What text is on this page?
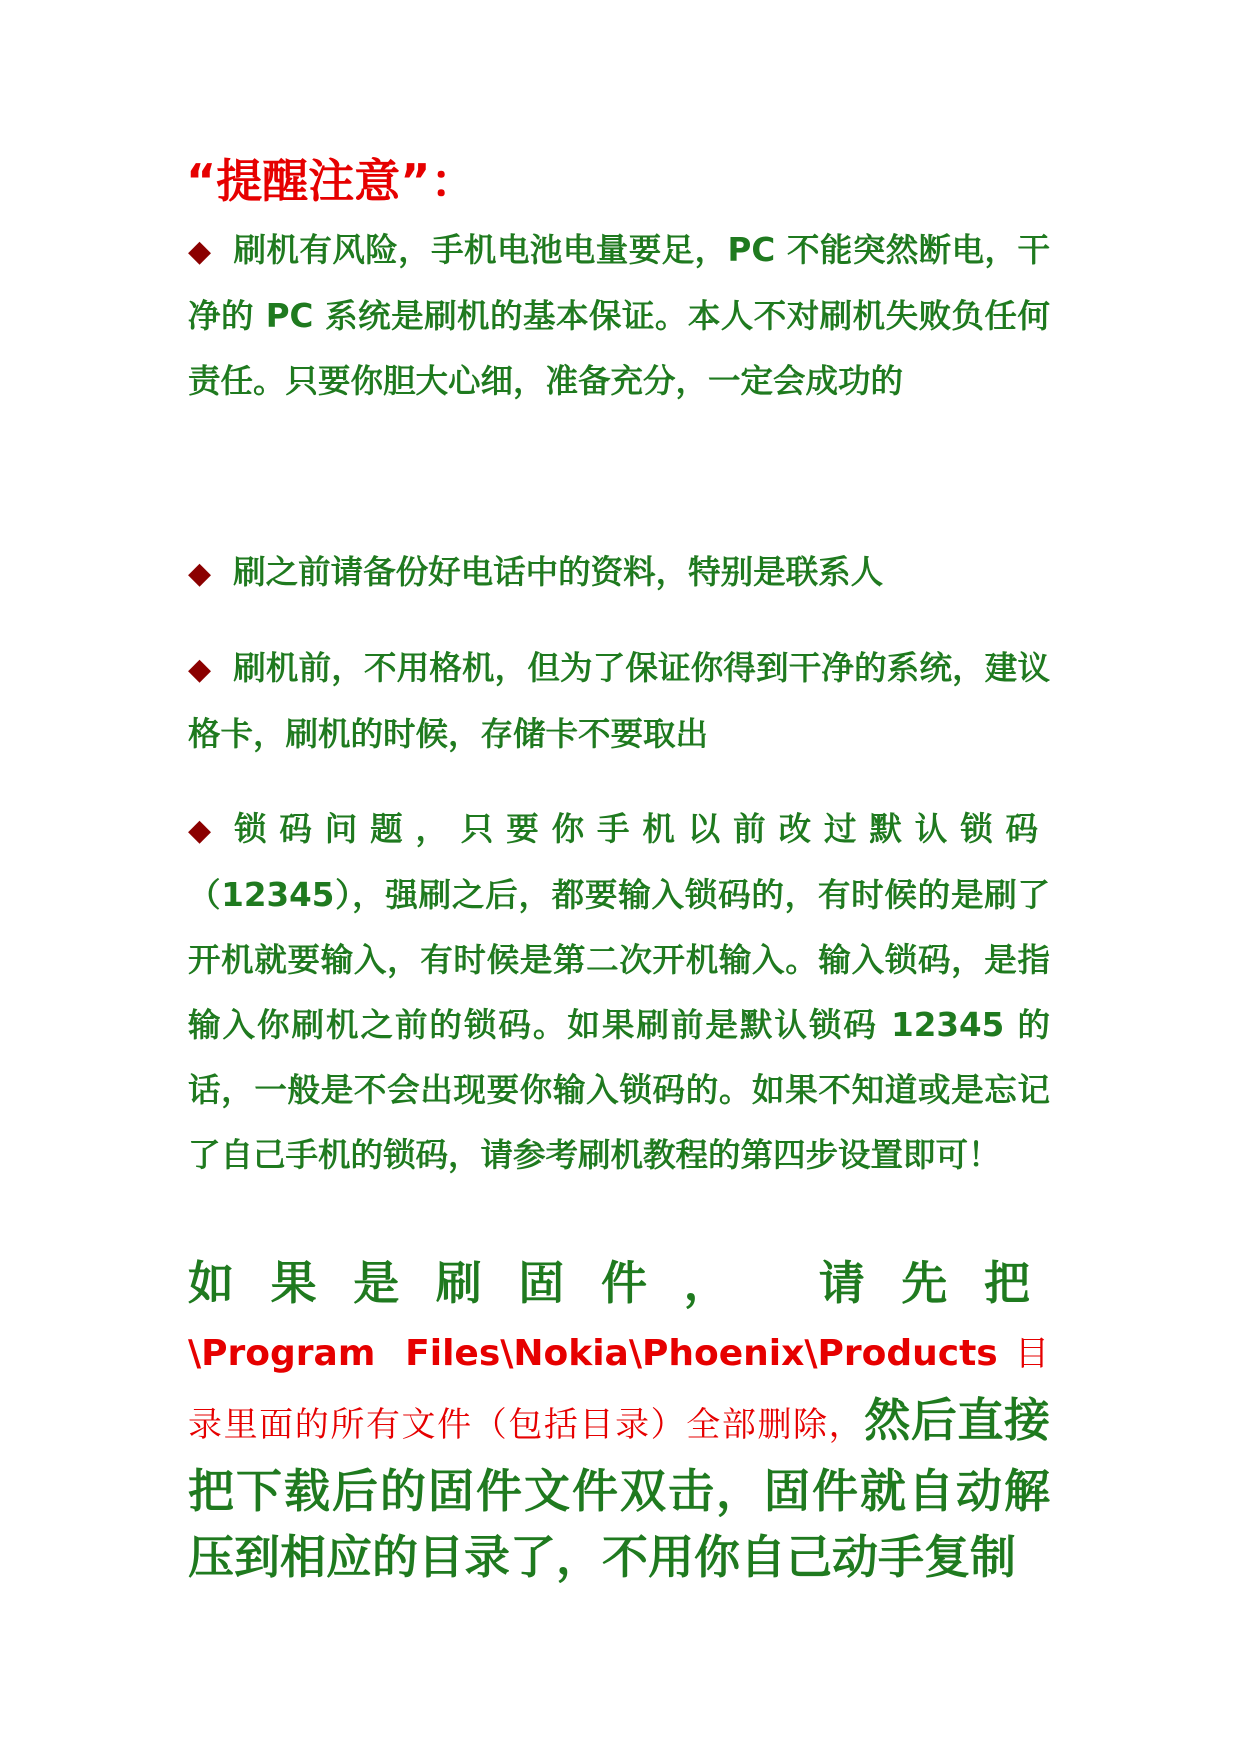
“提醒注意”：

◆ 刷机有风险，手机电池电量要足，PC 不能突然断电，干净的 PC 系统是刷机的基本保证。本人不对刷机失败负任何责任。只要你胆大心细，准备充分，一定会成功的

◆ 刷之前请备份好电话中的资料，特别是联系人

◆ 刷机前，不用格机，但为了保证你得到干净的系统，建议格卡，刷机的时候，存储卡不要取出

◆ 锁码问题，只要你手机以前改过默认锁码（12345），强刷之后，都要输入锁码的，有时候的是刷了开机就要输入，有时候是第二次开机输入。输入锁码，是指输入你刷机之前的锁码。如果刷前是默认锁码 12345 的话，一般是不会出现要你输入锁码的。如果不知道或是忘记了自己手机的锁码，请参考刷机教程的第四步设置即可！

如果是刷固件， 请先把\Program Files\Nokia\Phoenix\Products目录里面的所有文件（包括目录）全部删除，然后直接把下载后的固件文件双击，固件就自动解压到相应的目录了，不用你自己动手复制
